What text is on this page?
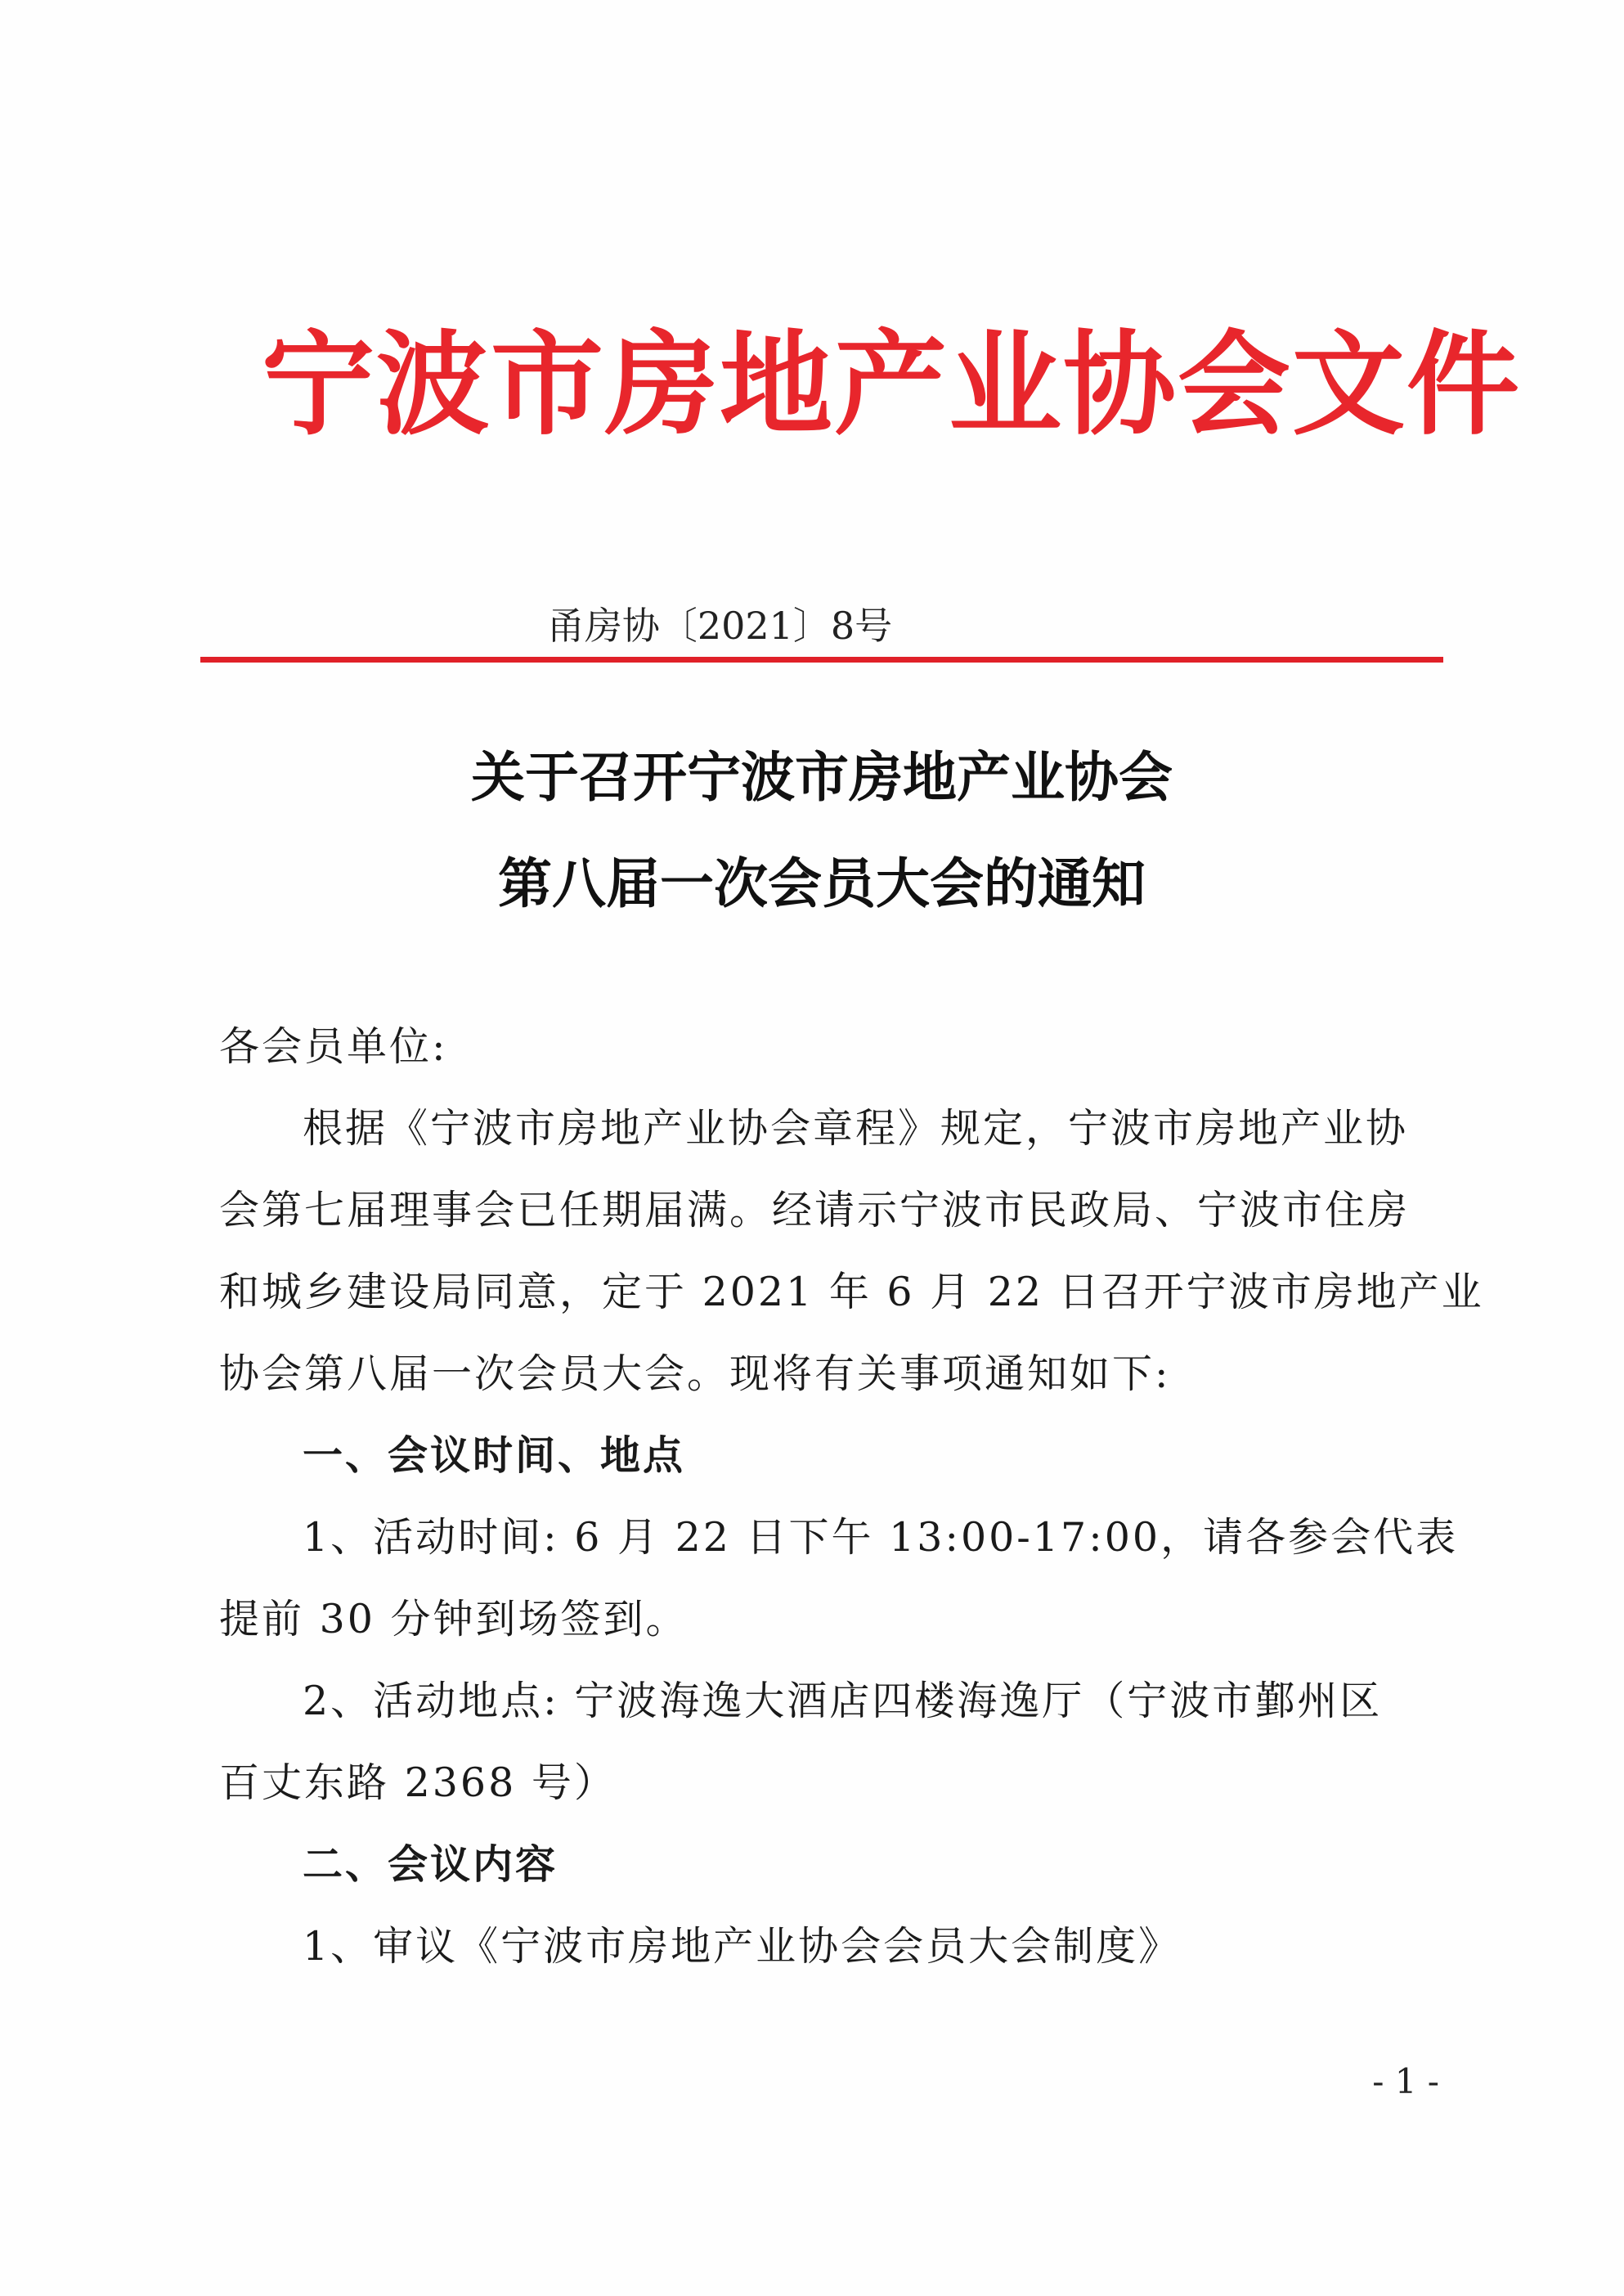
宁波市房地产业协会文件
甬房协〔2021〕8号
关于召开宁波市房地产业协会
第八届一次会员大会的通知
各会员单位:
根据《宁波市房地产业协会章程》规定，宁波市房地产业协
会第七届理事会已任期届满。经请示宁波市民政局、宁波市住房
和城乡建设局同意，定于 2021 年 6 月 22 日召开宁波市房地产业
协会第八届一次会员大会。现将有关事项通知如下:
一、会议时间、地点
1、活动时间: 6 月 22 日下午 13:00-17:00，请各参会代表
提前 30 分钟到场签到。
2、活动地点: 宁波海逸大酒店四楼海逸厅（宁波市鄞州区
百丈东路 2368 号）
二、会议内容
1、审议《宁波市房地产业协会会员大会制度》
- 1 -
